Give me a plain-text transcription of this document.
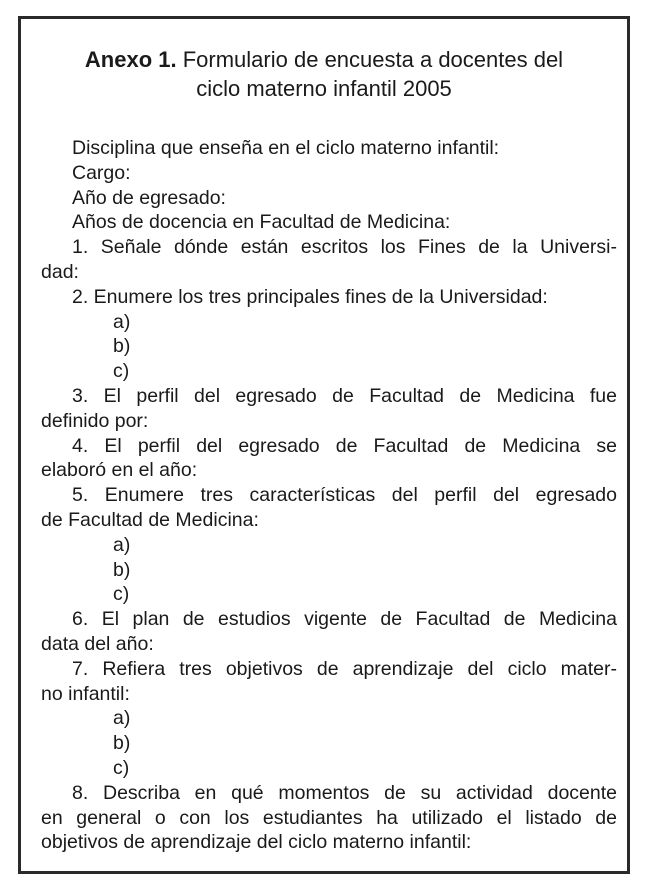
Anexo 1. Formulario de encuesta a docentes del
ciclo materno infantil 2005
Disciplina que enseña en el ciclo materno infantil:
Cargo:
Año de egresado:
Años de docencia en Facultad de Medicina:
1. Señale dónde están escritos los Fines de la Universi-
dad:
2. Enumere los tres principales fines de la Universidad:
a)
b)
c)
3. El perfil del egresado de Facultad de Medicina fue
definido por:
4. El perfil del egresado de Facultad de Medicina se
elaboró en el año:
5. Enumere tres características del perfil del egresado
de Facultad de Medicina:
a)
b)
c)
6. El plan de estudios vigente de Facultad de Medicina
data del año:
7. Refiera tres objetivos de aprendizaje del ciclo mater-
no infantil:
a)
b)
c)
8. Describa en qué momentos de su actividad docente
en general o con los estudiantes ha utilizado el listado de
objetivos de aprendizaje del ciclo materno infantil:
